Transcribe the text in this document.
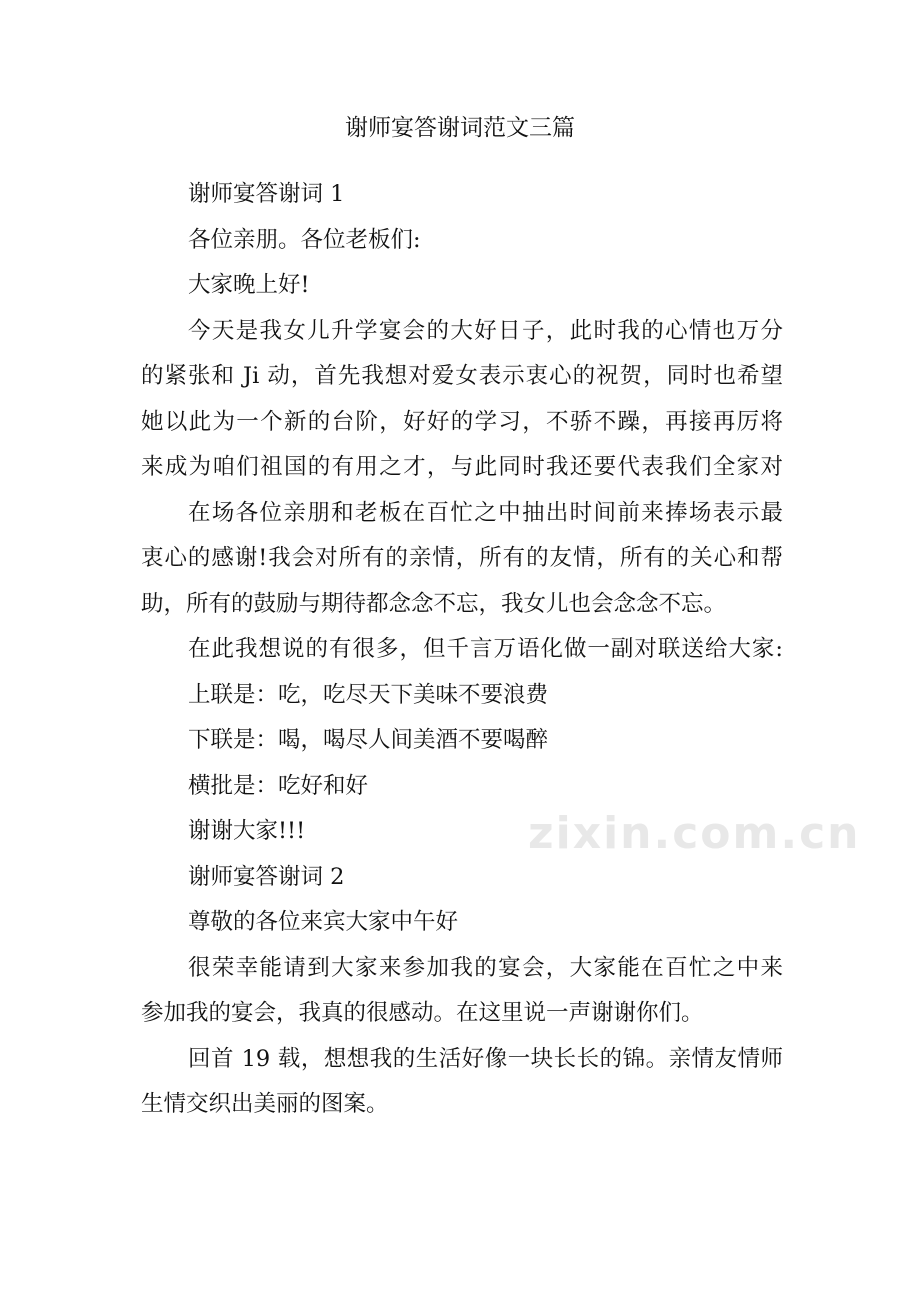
zixin.com.cn
谢师宴答谢词范文三篇
谢师宴答谢词 1
各位亲朋。各位老板们:
大家晚上好!
今天是我女儿升学宴会的大好日子，此时我的心情也万分
的紧张和 Ji 动，首先我想对爱女表示衷心的祝贺，同时也希望
她以此为一个新的台阶，好好的学习，不骄不躁，再接再厉将
来成为咱们祖国的有用之才，与此同时我还要代表我们全家对
在场各位亲朋和老板在百忙之中抽出时间前来捧场表示最
衷心的感谢!我会对所有的亲情，所有的友情，所有的关心和帮
助，所有的鼓励与期待都念念不忘，我女儿也会念念不忘。
在此我想说的有很多，但千言万语化做一副对联送给大家:
上联是：吃，吃尽天下美味不要浪费
下联是：喝，喝尽人间美酒不要喝醉
横批是：吃好和好
谢谢大家!!!
谢师宴答谢词 2
尊敬的各位来宾大家中午好
很荣幸能请到大家来参加我的宴会，大家能在百忙之中来
参加我的宴会，我真的很感动。在这里说一声谢谢你们。
回首 19 载，想想我的生活好像一块长长的锦。亲情友情师
生情交织出美丽的图案。
